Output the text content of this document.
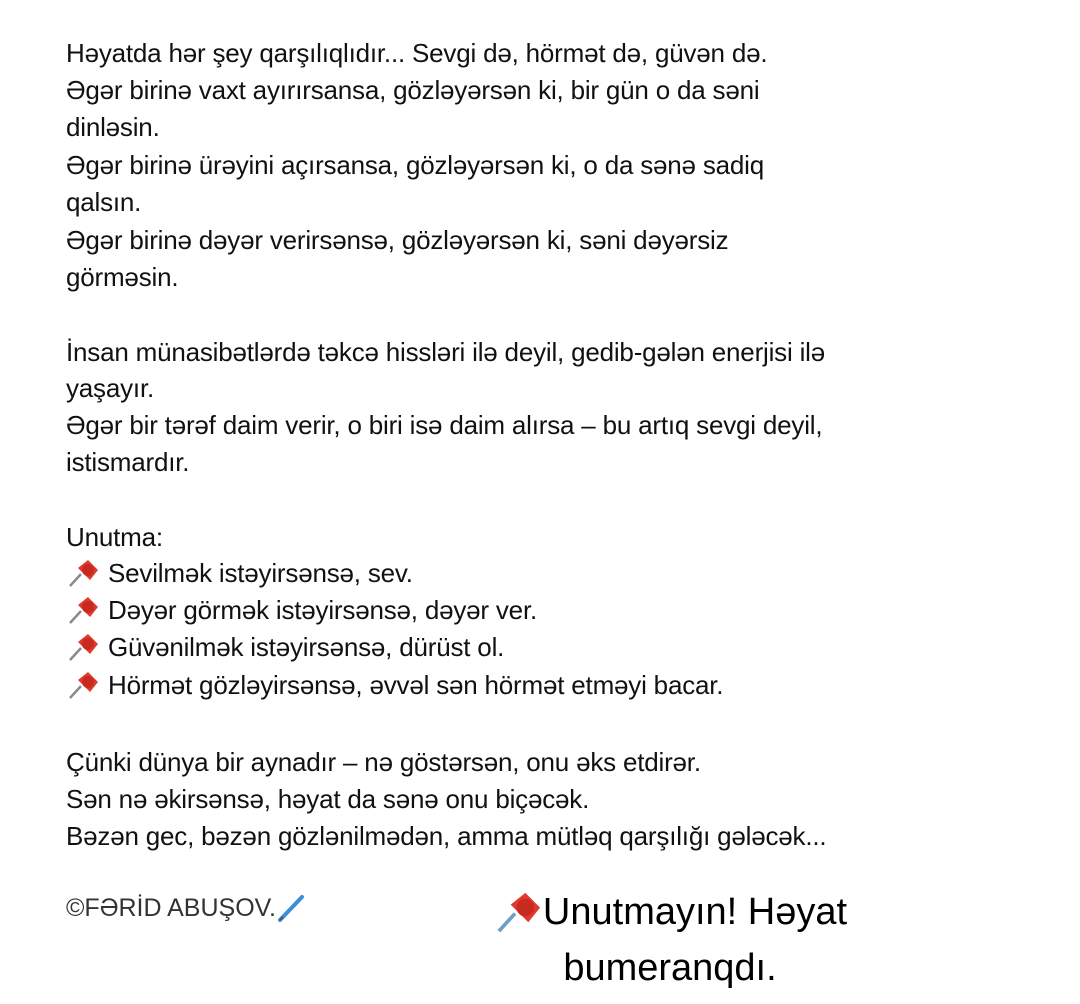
Həyatda hər şey qarşılıqlıdır... Sevgi də, hörmət də, güvən də.
Əgər birinə vaxt ayırırsansa, gözləyərsən ki, bir gün o da səni
dinləsin.
Əgər birinə ürəyini açırsansa, gözləyərsən ki, o da sənə sadiq
qalsın.
Əgər birinə dəyər verirsənsə, gözləyərsən ki, səni dəyərsiz
görməsin.
İnsan münasibətlərdə təkcə hissləri ilə deyil, gedib-gələn enerjisi ilə
yaşayır.
Əgər bir tərəf daim verir, o biri isə daim alırsa – bu artıq sevgi deyil,
istismardır.
Unutma:
Sevilmək istəyirsənsə, sev.
Dəyər görmək istəyirsənsə, dəyər ver.
Güvənilmək istəyirsənsə, dürüst ol.
Hörmət gözləyirsənsə, əvvəl sən hörmət etməyi bacar.
Çünki dünya bir aynadır – nə göstərsən, onu əks etdirər.
Sən nə əkirsənsə, həyat da sənə onu biçəcək.
Bəzən gec, bəzən gözlənilmədən, amma mütləq qarşılığı gələcək...
©FƏRİD ABUŞOV.	Unutmayın! Həyat
bumeranqdı.
